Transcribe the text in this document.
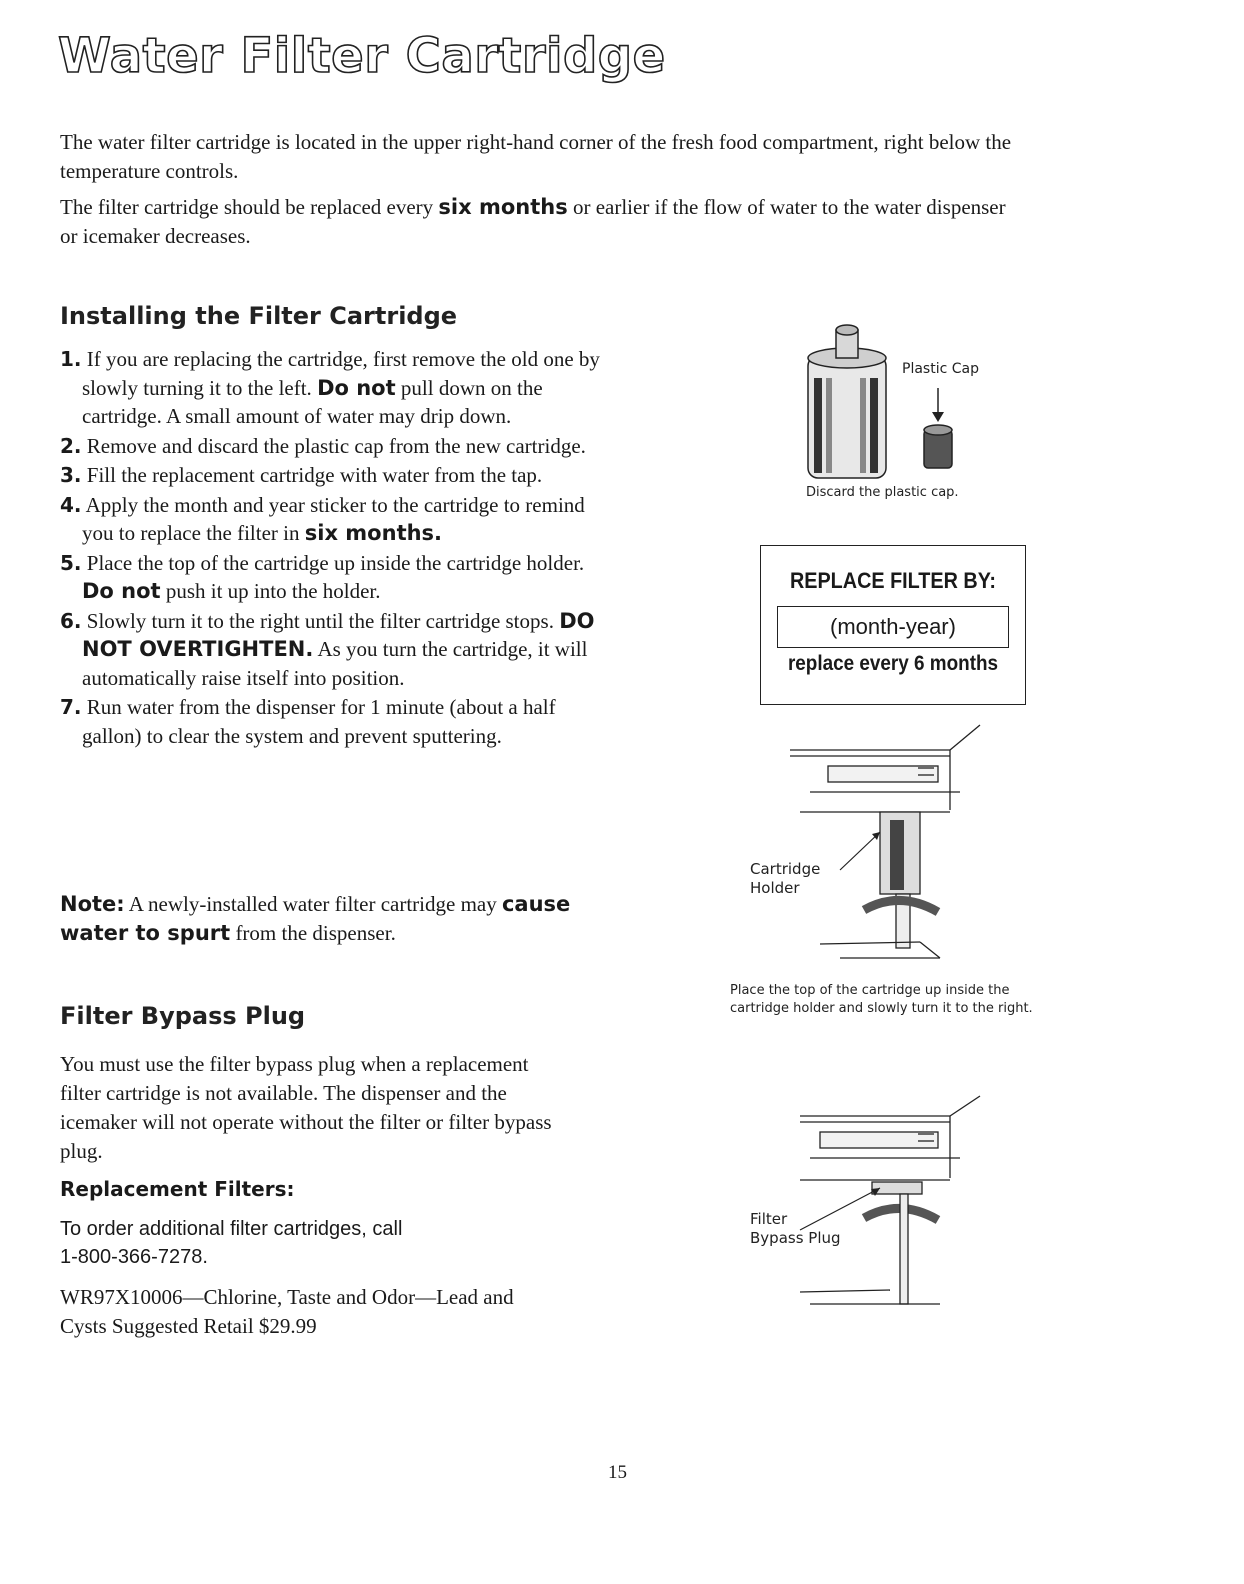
Water Filter Cartridge
The water filter cartridge is located in the upper right-hand corner of the fresh food compartment, right below the temperature controls.
The filter cartridge should be replaced every six months or earlier if the flow of water to the water dispenser or icemaker decreases.
Installing the Filter Cartridge
1. If you are replacing the cartridge, first remove the old one by slowly turning it to the left. Do not pull down on the cartridge. A small amount of water may drip down.
2. Remove and discard the plastic cap from the new cartridge.
3. Fill the replacement cartridge with water from the tap.
4. Apply the month and year sticker to the cartridge to remind you to replace the filter in six months.
5. Place the top of the cartridge up inside the cartridge holder. Do not push it up into the holder.
6. Slowly turn it to the right until the filter cartridge stops. DO NOT OVERTIGHTEN. As you turn the cartridge, it will automatically raise itself into position.
7. Run water from the dispenser for 1 minute (about a half gallon) to clear the system and prevent sputtering.
Note: A newly-installed water filter cartridge may cause water to spurt from the dispenser.
Filter Bypass Plug
You must use the filter bypass plug when a replacement filter cartridge is not available. The dispenser and the icemaker will not operate without the filter or filter bypass plug.
Replacement Filters:
To order additional filter cartridges, call
1-800-366-7278.
WR97X10006—Chlorine, Taste and Odor—Lead and Cysts Suggested Retail $29.99
15
Plastic Cap
Discard the plastic cap.
REPLACE FILTER BY:
(month-year)
replace every 6 months
Cartridge
Holder
Place the top of the cartridge up inside the
cartridge holder and slowly turn it to the right.
Filter
Bypass Plug
